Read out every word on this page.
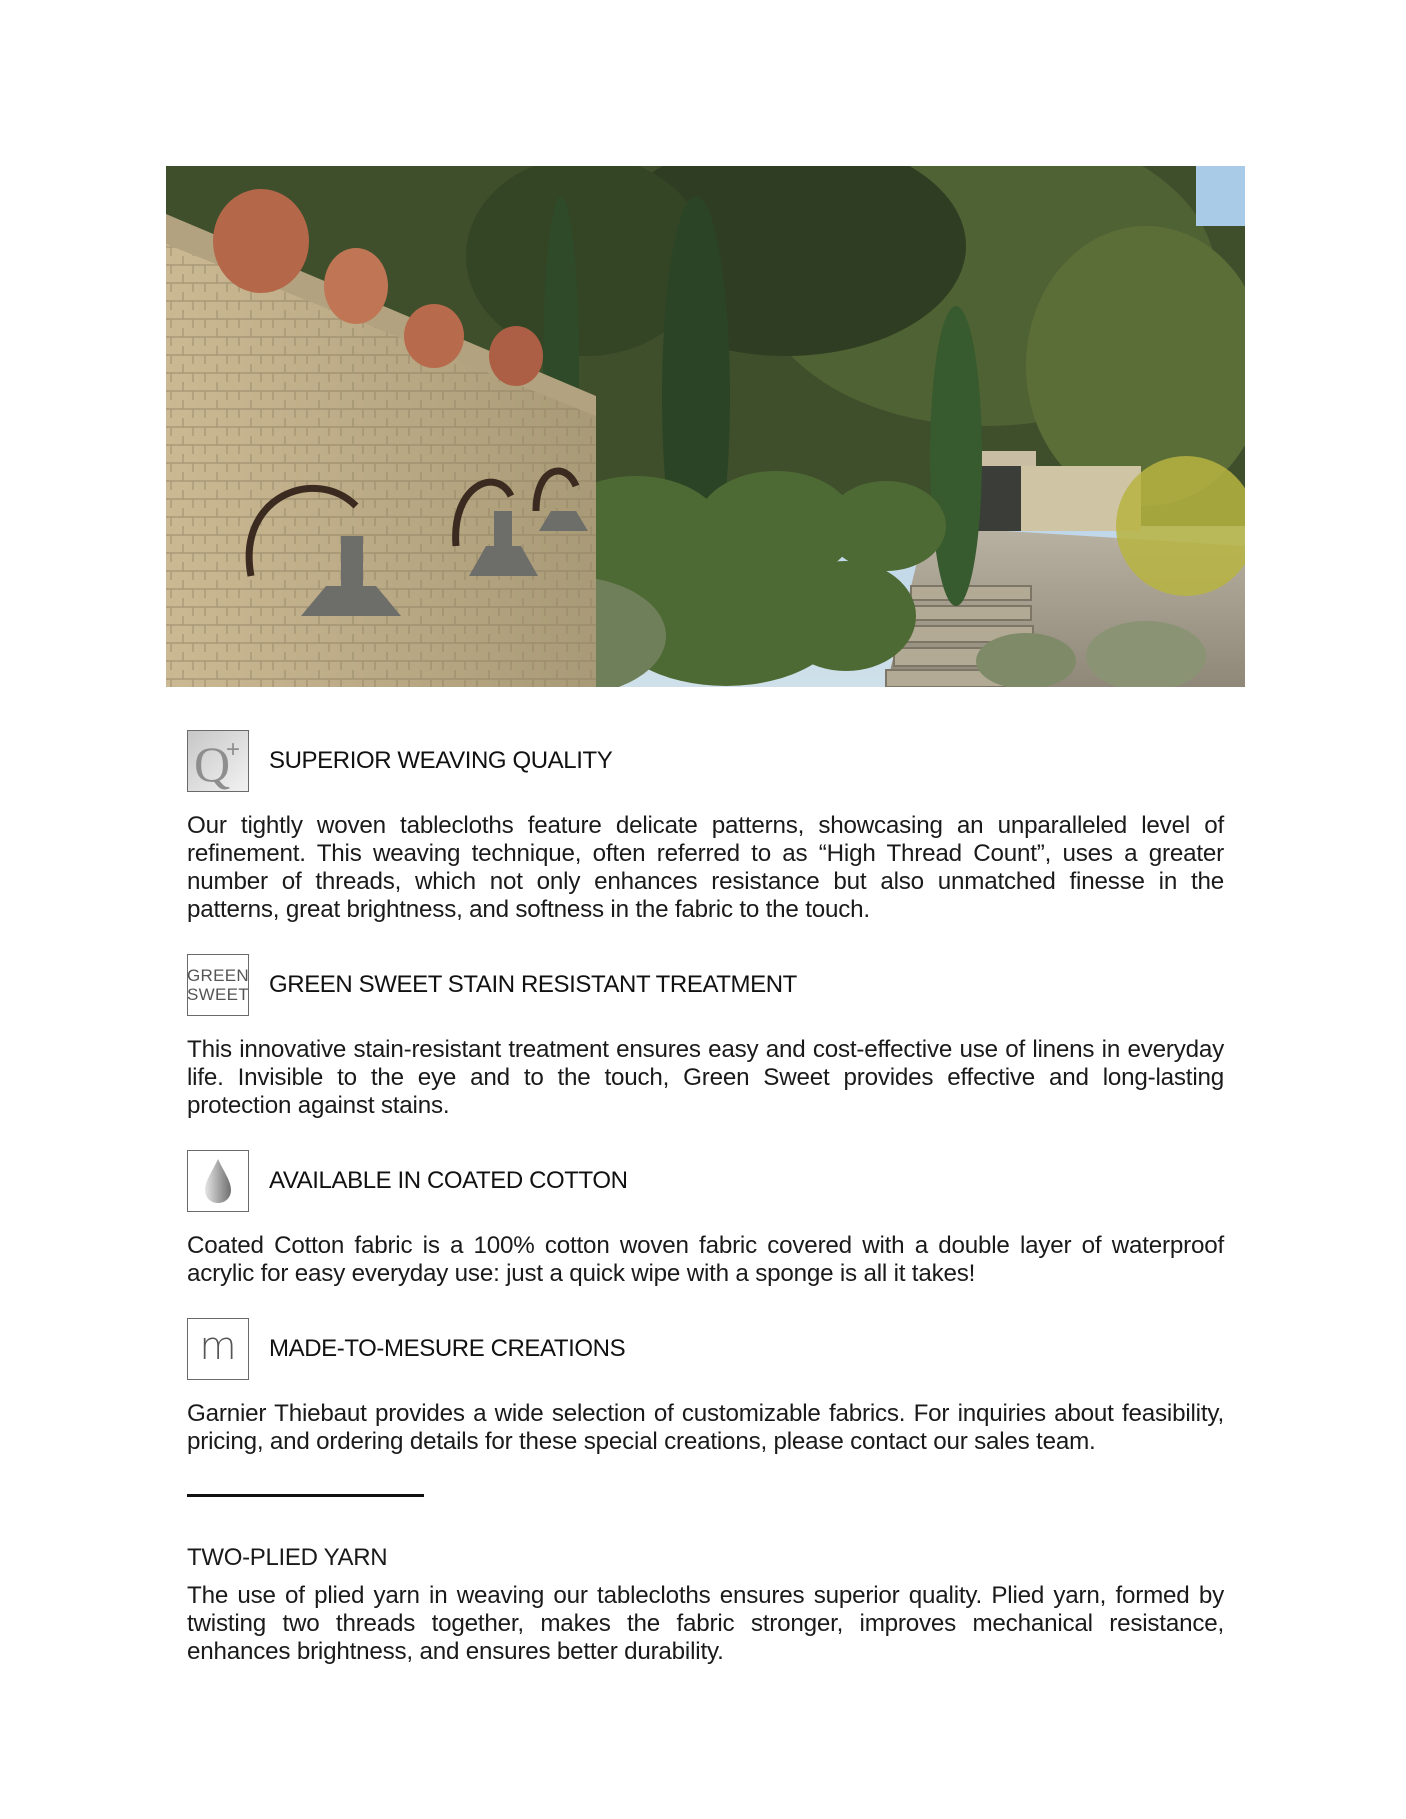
Q
+ SUPERIOR WEAVING QUALITY

Our tightly woven tablecloths feature delicate patterns, showcasing an unparalleled level of refinement. This weaving technique, often referred to as “High Thread Count”, uses a greater number of threads, which not only enhances resistance but also unmatched finesse in the patterns, great brightness, and softness in the fabric to the touch.

GREEN
SWEET GREEN SWEET STAIN RESISTANT TREATMENT

This innovative stain-resistant treatment ensures easy and cost-effective use of linens in everyday life. Invisible to the eye and to the touch, Green Sweet provides effective and long-lasting protection against stains.

AVAILABLE IN COATED COTTON

Coated Cotton fabric is a 100% cotton woven fabric covered with a double layer of waterproof acrylic for easy everyday use: just a quick wipe with a sponge is all it takes!

m MADE-TO-MESURE CREATIONS

Garnier Thiebaut provides a wide selection of customizable fabrics. For inquiries about feasibility, pricing, and ordering details for these special creations, please contact our sales team.

TWO-PLIED YARN

The use of plied yarn in weaving our tablecloths ensures superior quality. Plied yarn, formed by twisting two threads together, makes the fabric stronger, improves mechanical resistance, enhances brightness, and ensures better durability.
